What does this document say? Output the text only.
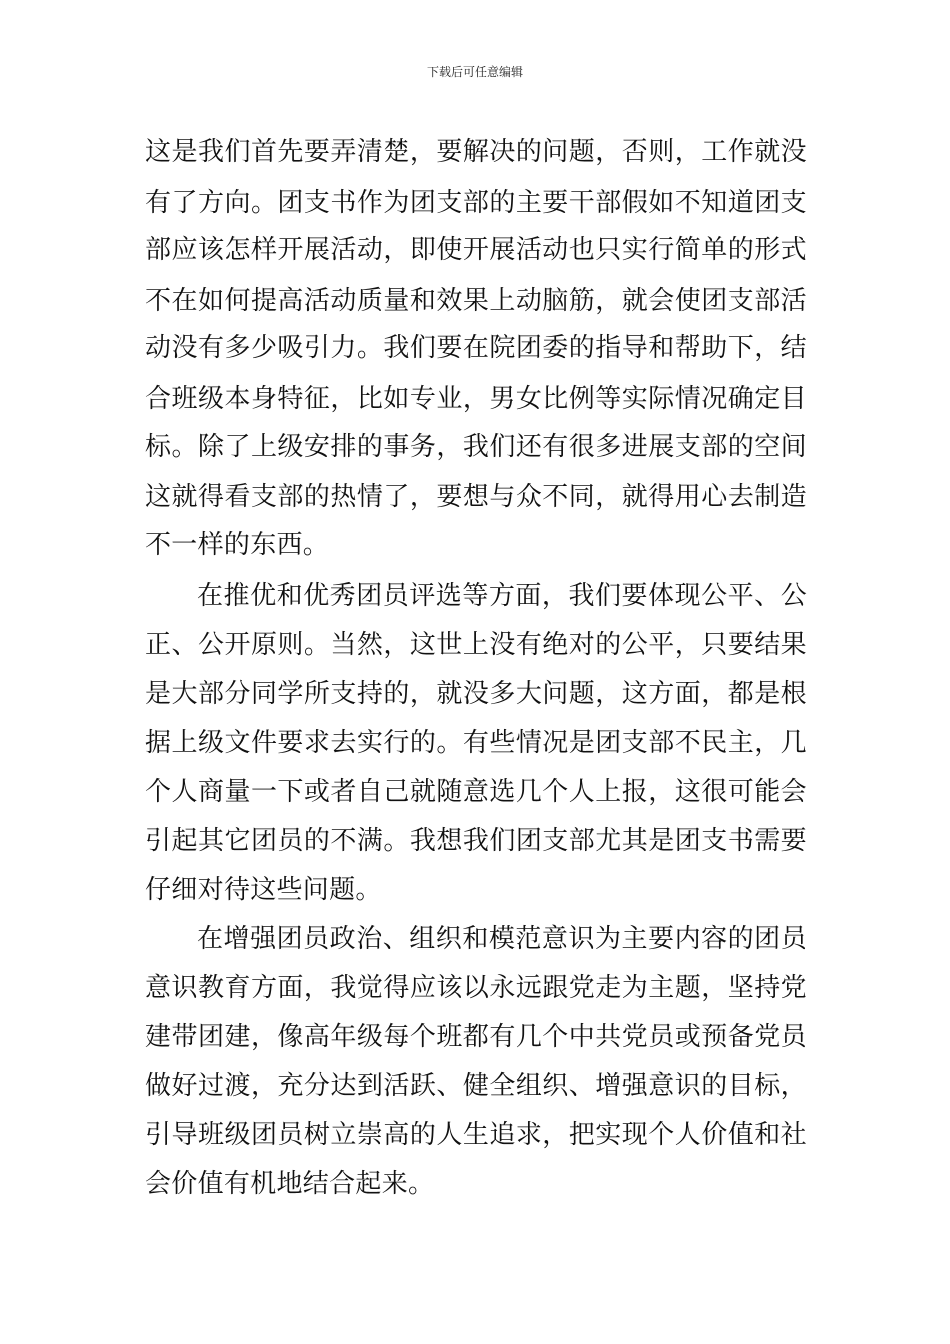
下载后可任意编辑
这是我们首先要弄清楚，要解决的问题，否则，工作就没
有了方向。团支书作为团支部的主要干部假如不知道团支
部应该怎样开展活动，即使开展活动也只实行简单的形式
不在如何提高活动质量和效果上动脑筋，就会使团支部活
动没有多少吸引力。我们要在院团委的指导和帮助下，结
合班级本身特征，比如专业，男女比例等实际情况确定目
标。除了上级安排的事务，我们还有很多进展支部的空间
这就得看支部的热情了，要想与众不同，就得用心去制造
不一样的东西。
在推优和优秀团员评选等方面，我们要体现公平、公
正、公开原则。当然，这世上没有绝对的公平，只要结果
是大部分同学所支持的，就没多大问题，这方面，都是根
据上级文件要求去实行的。有些情况是团支部不民主，几
个人商量一下或者自己就随意选几个人上报，这很可能会
引起其它团员的不满。我想我们团支部尤其是团支书需要
仔细对待这些问题。
在增强团员政治、组织和模范意识为主要内容的团员
意识教育方面，我觉得应该以永远跟党走为主题，坚持党
建带团建，像高年级每个班都有几个中共党员或预备党员
做好过渡，充分达到活跃、健全组织、增强意识的目标，
引导班级团员树立崇高的人生追求，把实现个人价值和社
会价值有机地结合起来。
